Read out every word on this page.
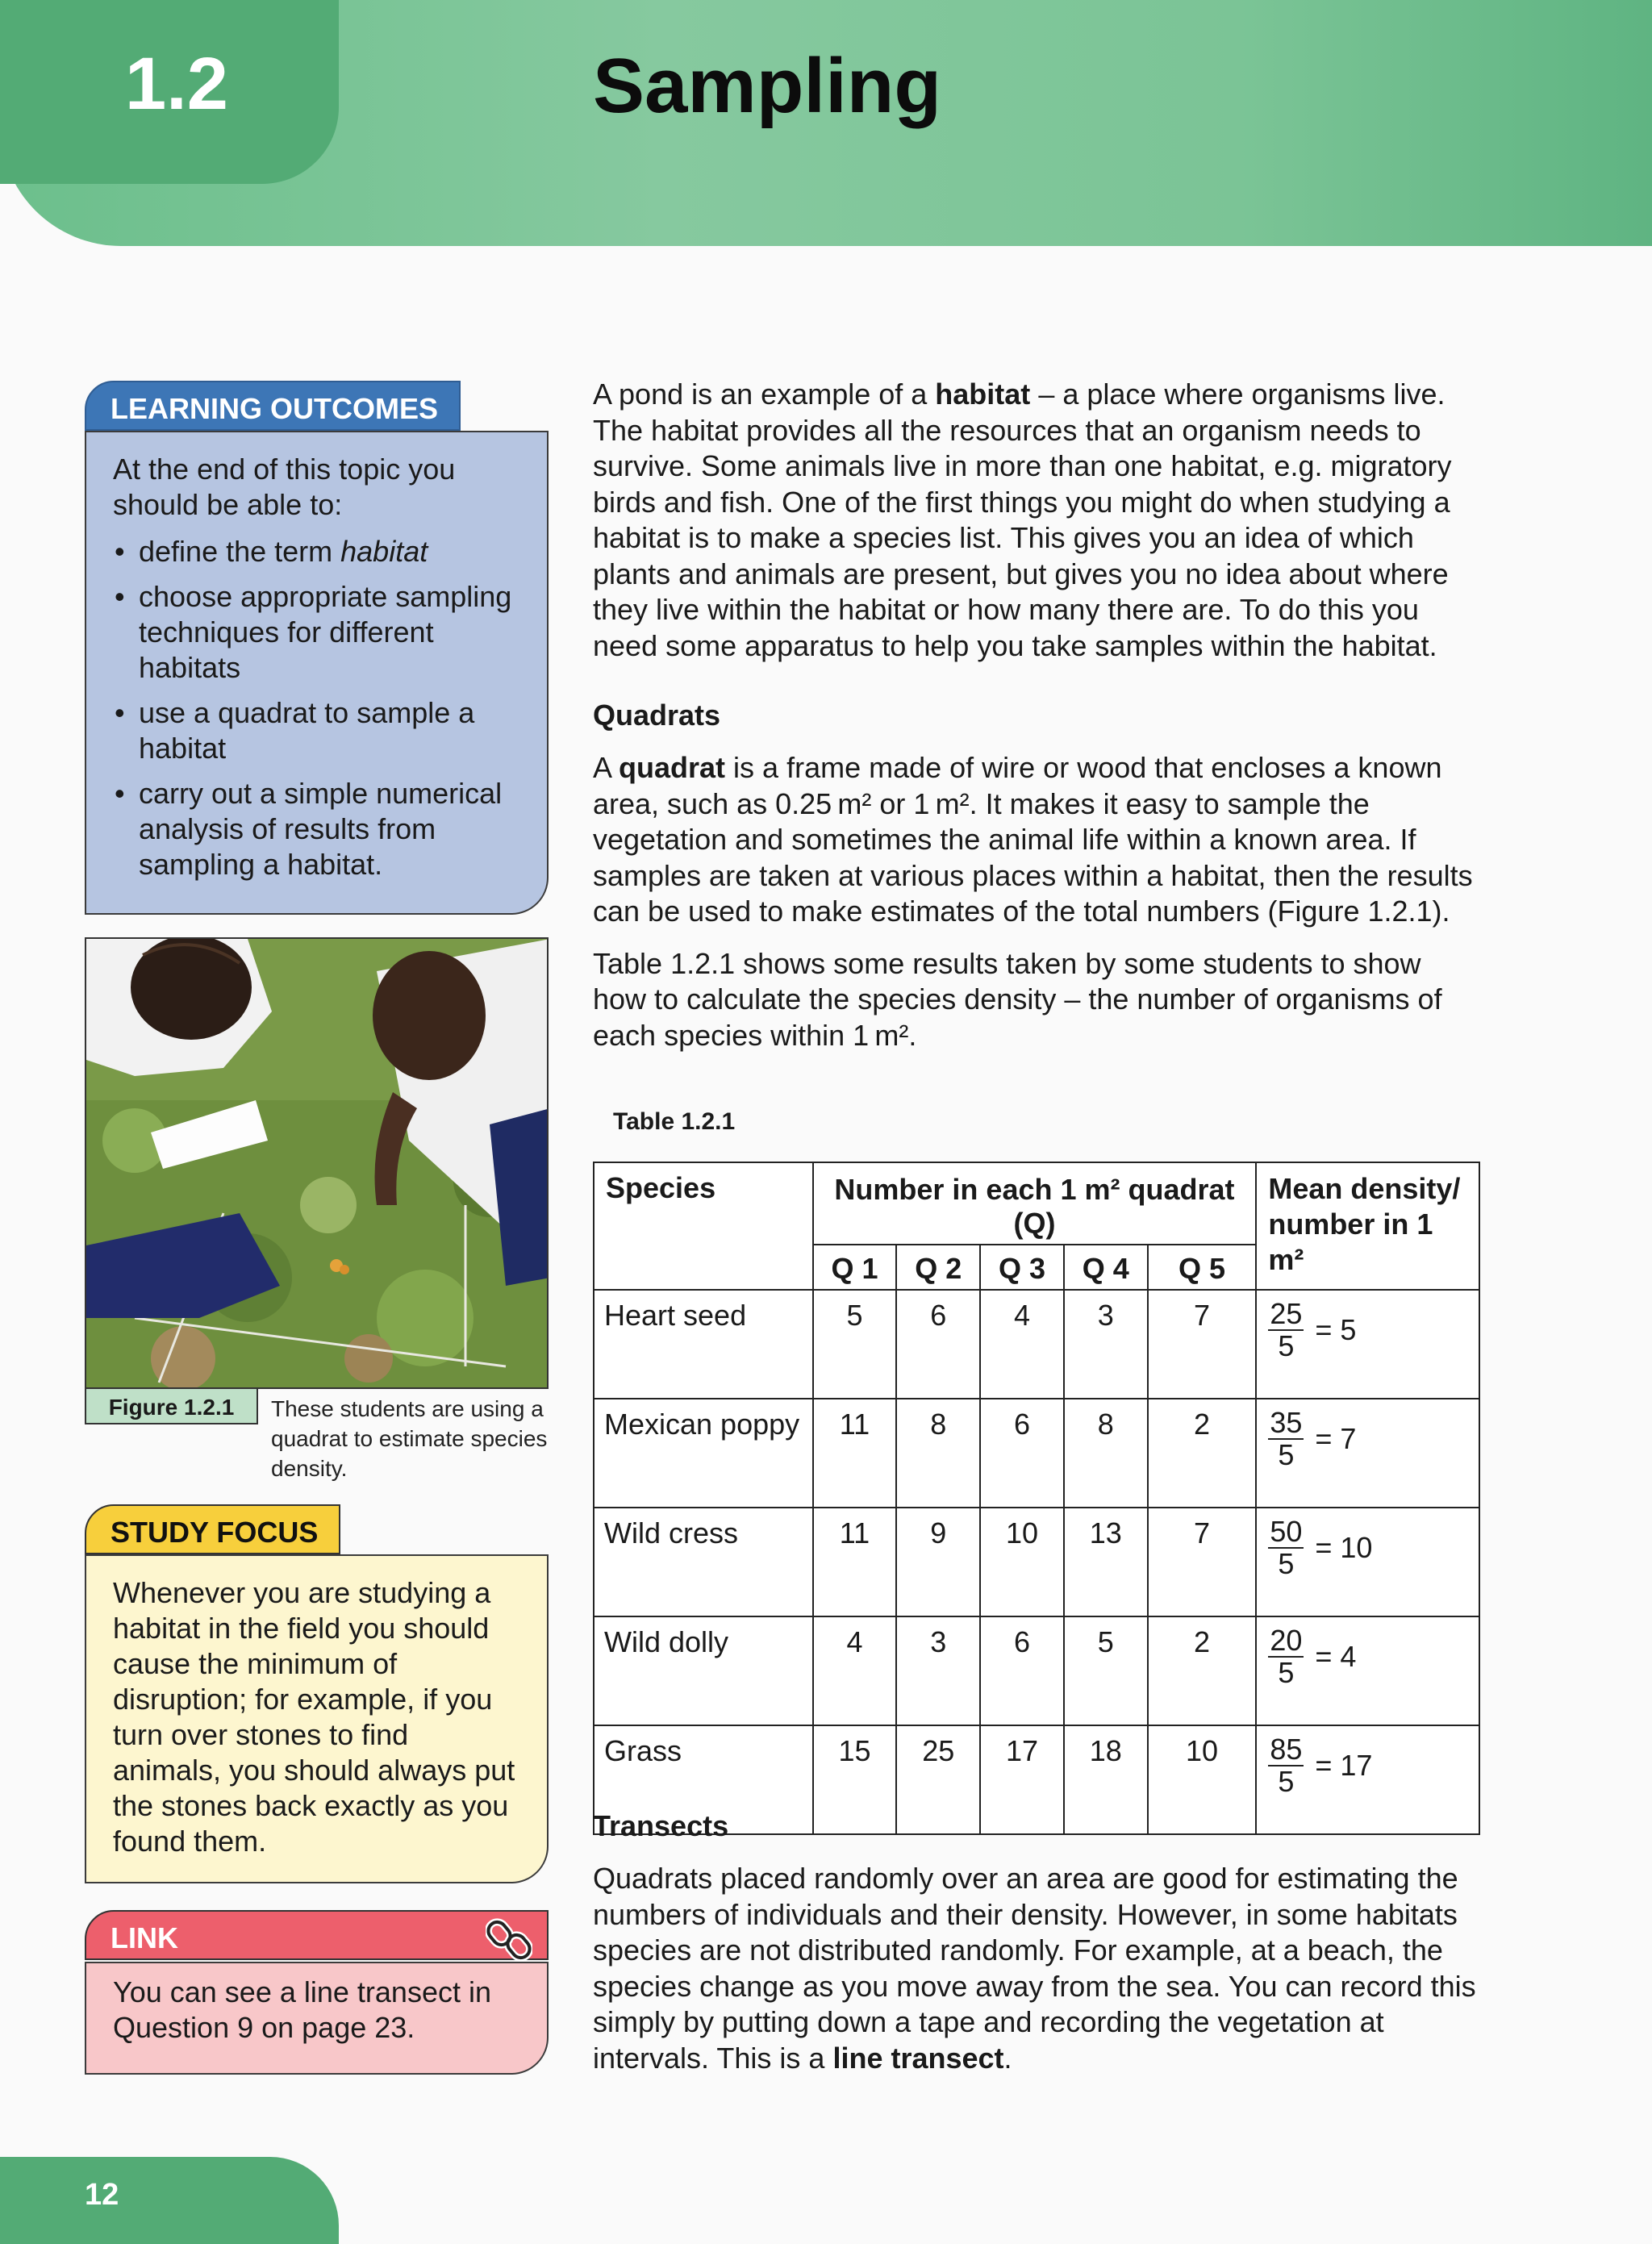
1.2	Sampling
LEARNING OUTCOMES
At the end of this topic you should be able to:
• define the term habitat
• choose appropriate sampling techniques for different habitats
• use a quadrat to sample a habitat
• carry out a simple numerical analysis of results from sampling a habitat.
Figure 1.2.1	These students are using a quadrat to estimate species density.
STUDY FOCUS
Whenever you are studying a habitat in the field you should cause the minimum of disruption; for example, if you turn over stones to find animals, you should always put the stones back exactly as you found them.
LINK
You can see a line transect in Question 9 on page 23.

A pond is an example of a habitat – a place where organisms live. The habitat provides all the resources that an organism needs to survive. Some animals live in more than one habitat, e.g. migratory birds and fish. One of the first things you might do when studying a habitat is to make a species list. This gives you an idea of which plants and animals are present, but gives you no idea about where they live within the habitat or how many there are. To do this you need some apparatus to help you take samples within the habitat.

Quadrats

A quadrat is a frame made of wire or wood that encloses a known area, such as 0.25 m² or 1 m². It makes it easy to sample the vegetation and sometimes the animal life within a known area. If samples are taken at various places within a habitat, then the results can be used to make estimates of the total numbers (Figure 1.2.1).

Table 1.2.1 shows some results taken by some students to show how to calculate the species density – the number of organisms of each species within 1 m².

Table 1.2.1
Species	Number in each 1 m² quadrat (Q)					Mean density/ number in 1 m²
	Q 1	Q 2	Q 3	Q 4	Q 5	
Heart seed	5	6	4	3	7	$\frac{25}{5} = 5$
Mexican poppy	11	8	6	8	2	$\frac{35}{5} = 7$
Wild cress	11	9	10	13	7	$\frac{50}{5} = 10$
Wild dolly	4	3	6	5	2	$\frac{20}{5} = 4$
Grass	15	25	17	18	10	$\frac{85}{5} = 17$
Transects

Quadrats placed randomly over an area are good for estimating the numbers of individuals and their density. However, in some habitats species are not distributed randomly. For example, at a beach, the species change as you move away from the sea. You can record this simply by putting down a tape and recording the vegetation at intervals. This is a line transect.

12
